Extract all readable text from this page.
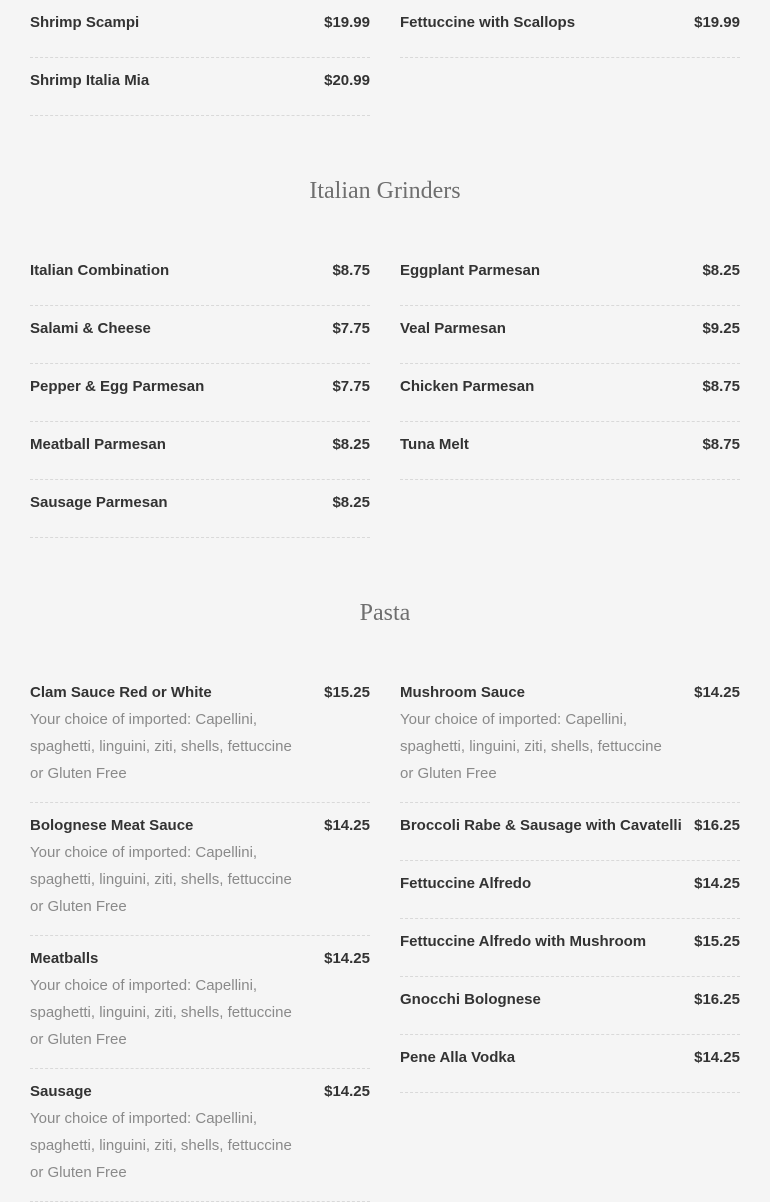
Shrimp Scampi	$19.99
Shrimp Italia Mia	$20.99
Fettuccine with Scallops	$19.99
Italian Grinders
Italian Combination	$8.75
Salami & Cheese	$7.75
Pepper & Egg Parmesan	$7.75
Meatball Parmesan	$8.25
Sausage Parmesan	$8.25
Eggplant Parmesan	$8.25
Veal Parmesan	$9.25
Chicken Parmesan	$8.75
Tuna Melt	$8.75
Pasta
Clam Sauce Red or White	$15.25
Your choice of imported: Capellini, spaghetti, linguini, ziti, shells, fettuccine or Gluten Free
Bolognese Meat Sauce	$14.25
Your choice of imported: Capellini, spaghetti, linguini, ziti, shells, fettuccine or Gluten Free
Meatballs	$14.25
Your choice of imported: Capellini, spaghetti, linguini, ziti, shells, fettuccine or Gluten Free
Sausage	$14.25
Your choice of imported: Capellini, spaghetti, linguini, ziti, shells, fettuccine or Gluten Free
Mushroom Sauce	$14.25
Your choice of imported: Capellini, spaghetti, linguini, ziti, shells, fettuccine or Gluten Free
Broccoli Rabe & Sausage with Cavatelli $16.25
Fettuccine Alfredo	$14.25
Fettuccine Alfredo with Mushroom	$15.25
Gnocchi Bolognese	$16.25
Pene Alla Vodka	$14.25
